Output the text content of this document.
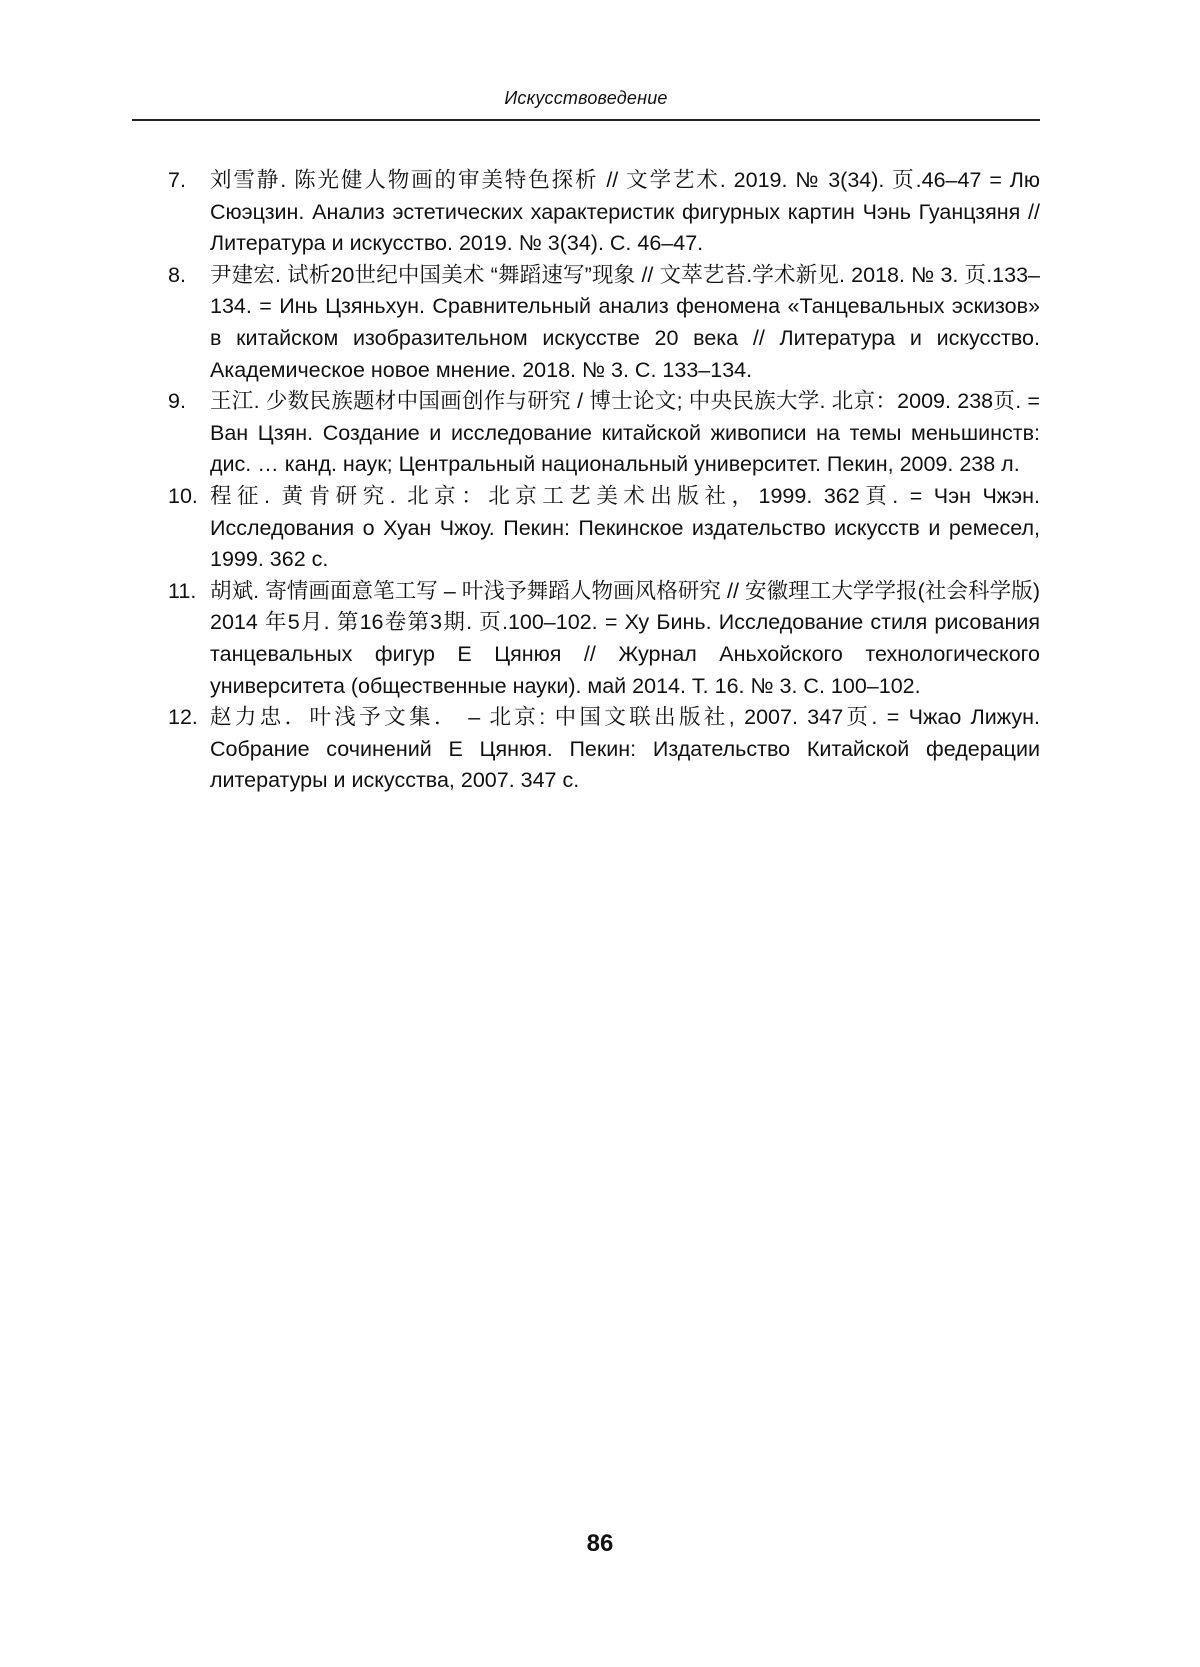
Искусствоведение
7.	刘雪静. 陈光健人物画的审美特色探析 // 文学艺术. 2019. № 3(34). 页.46–47 = Лю Сюэцзин. Анализ эстетических характеристик фигурных картин Чэнь Гуанцзяня // Литература и искусство. 2019. № 3(34). С. 46–47.
8.	尹建宏. 试析20世纪中国美术 “舞蹈速写”现象 // 文萃艺苔.学术新见. 2018. № 3. 页.133–134. = Инь Цзяньхун. Сравнительный анализ феномена «Танцевальных эскизов» в китайском изобразительном искусстве 20 века // Литература и искусство. Академическое новое мнение. 2018. № 3. С. 133–134.
9.	王江. 少数民族题材中国画创作与研究 / 博士论文; 中央民族大学. 北京：2009. 238页. = Ван Цзян. Создание и исследование китайской живописи на темы меньшинств: дис. … канд. наук; Центральный национальный университет. Пекин, 2009. 238 л.
10. 程征. 黄肯研究. 北京：北京工艺美术出版社，1999. 362頁. = Чэн Чжэн. Исследования о Хуан Чжоу. Пекин: Пекинское издательство искусств и ремесел, 1999. 362 с.
11. 胡斌. 寄情画面意笔工写 – 叶浅予舞蹈人物画风格研究 // 安徽理工大学学报(社会科学版) 2014 年5月. 第16卷第3期. 页.100–102. = Ху Бинь. Исследование стиля рисования танцевальных фигур Е Цянюя // Журнал Аньхойского технологического университета (общественные науки). май 2014. Т. 16. № 3. С. 100–102.
12. 赵力忠．叶浅予文集． – 北京: 中国文联出版社, 2007. 347页. = Чжао Лижун. Собрание сочинений Е Цянюя. Пекин: Издательство Китайской федерации литературы и искусства, 2007. 347 с.
86
